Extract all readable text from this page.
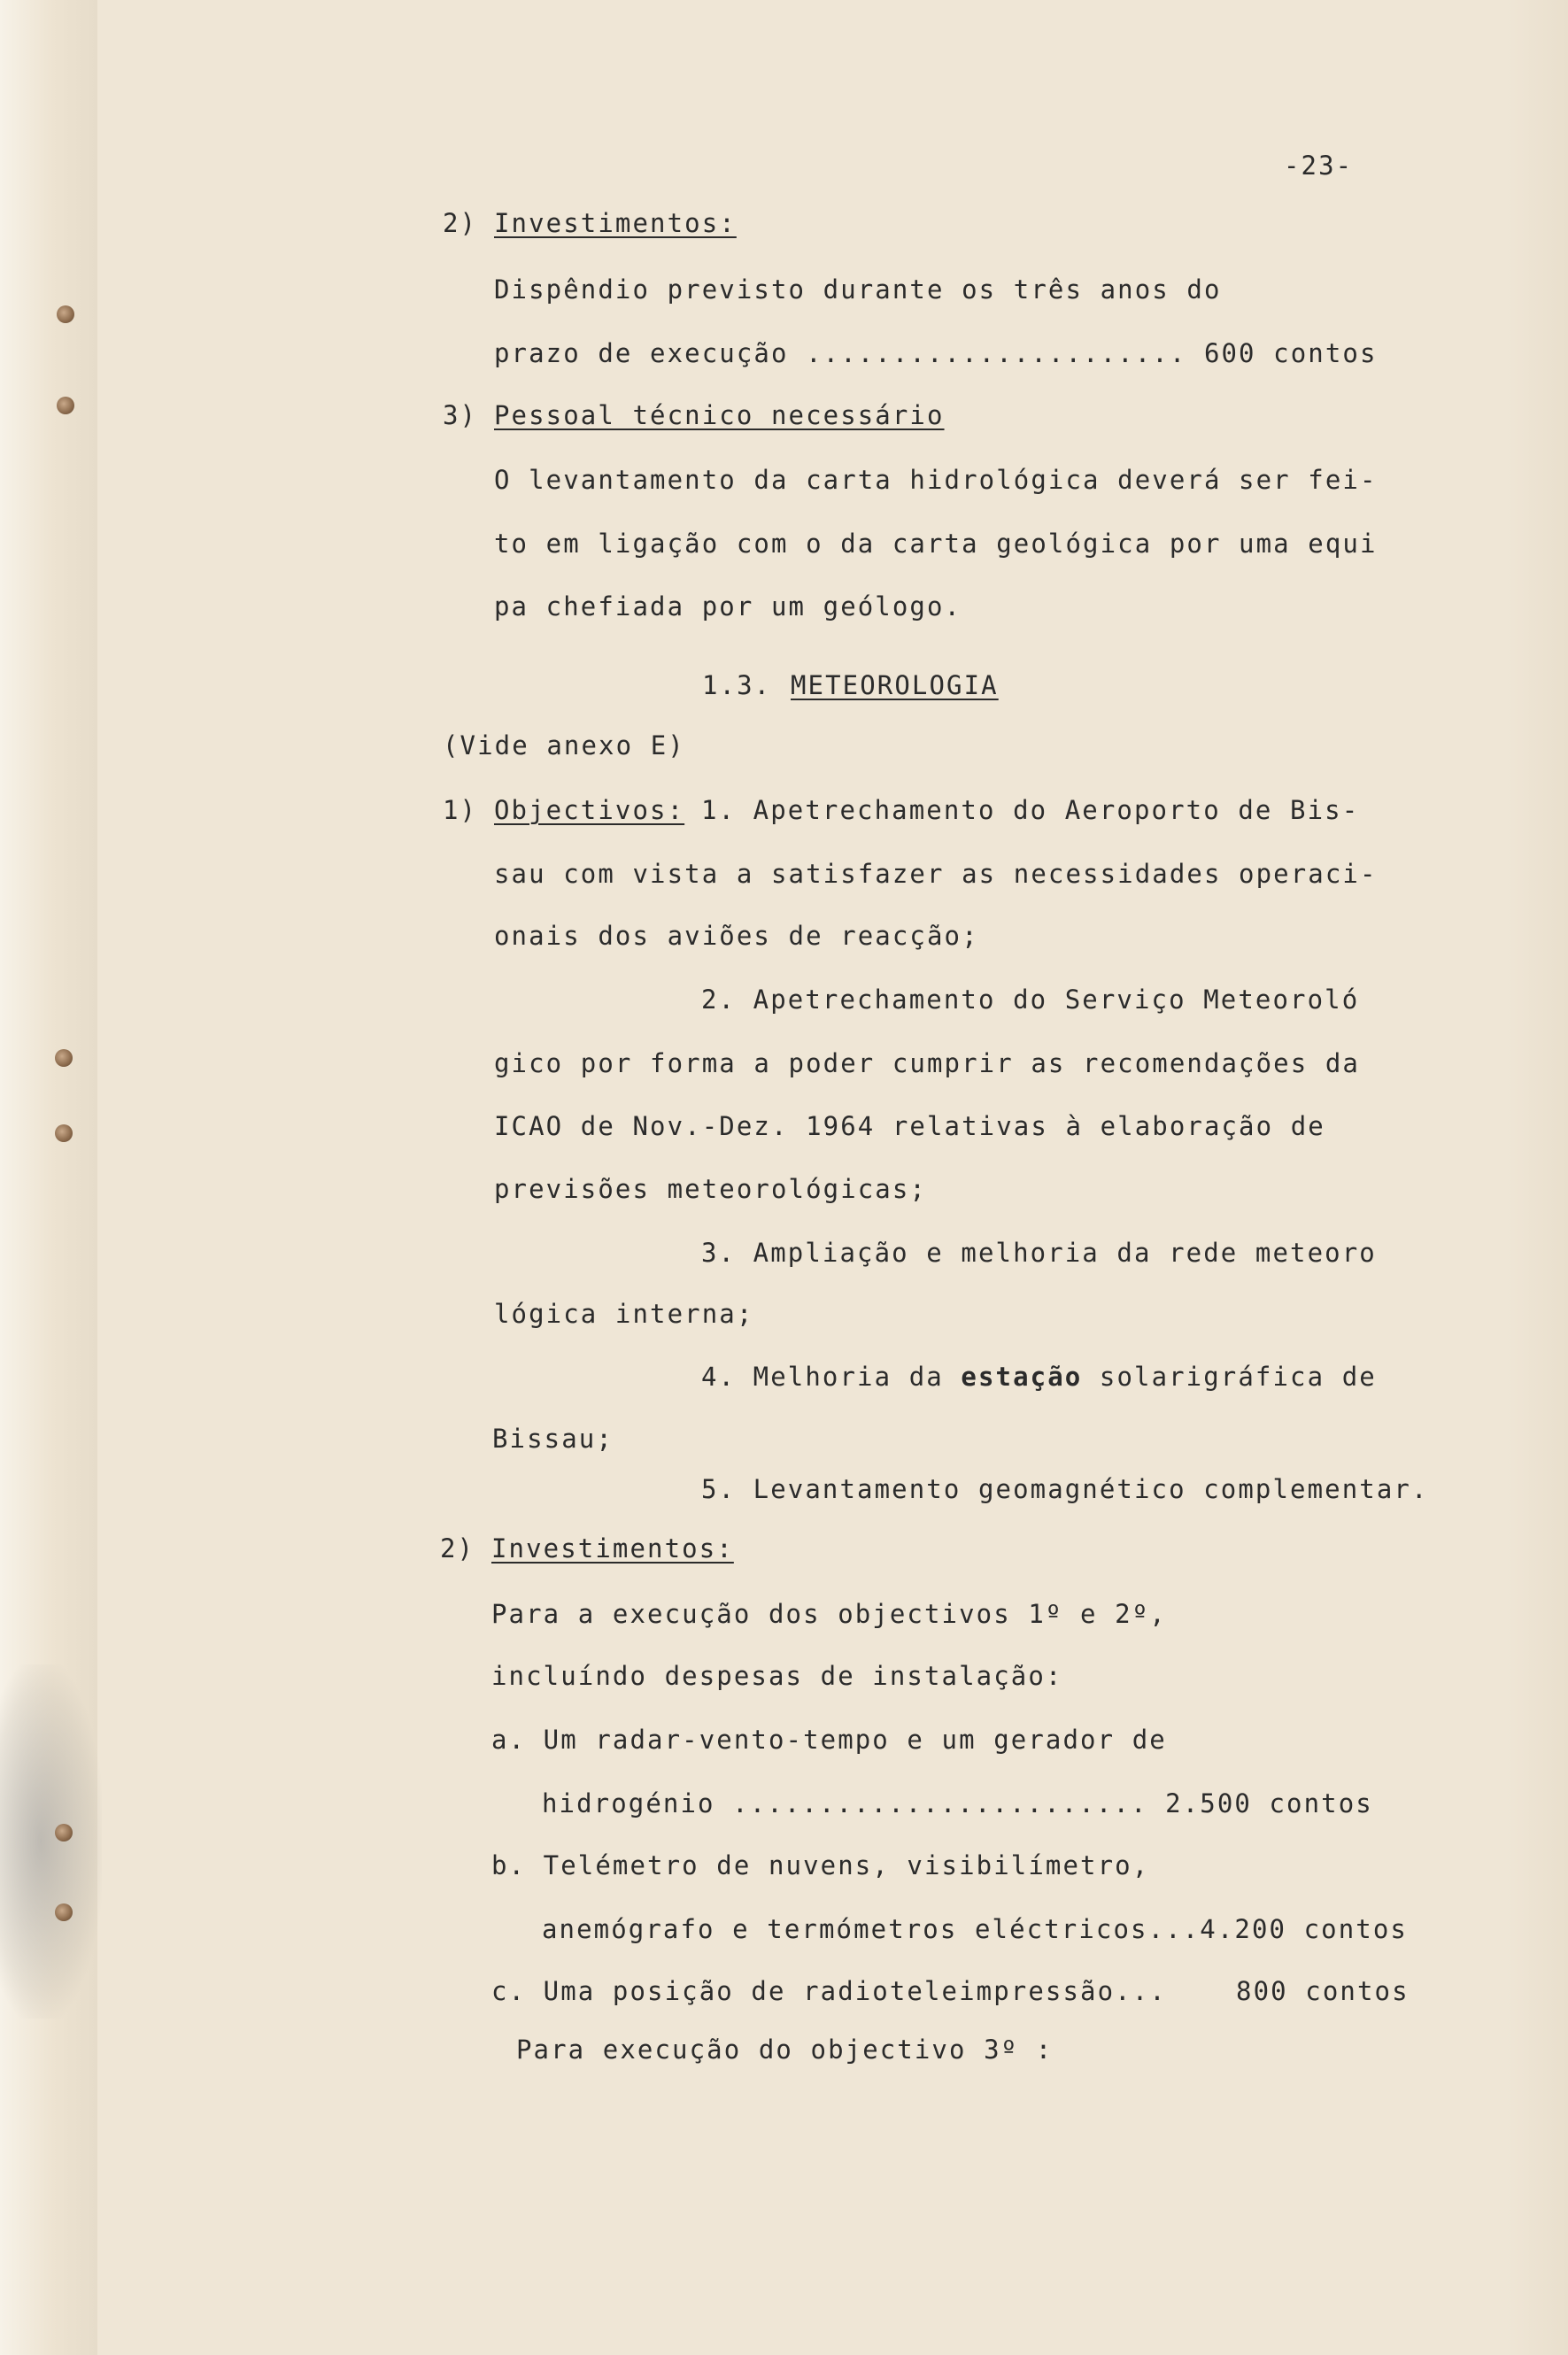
-23-
2) Investimentos:
Dispêndio previsto durante os três anos do
prazo de execução ...................... 600 contos
3) Pessoal técnico necessário
O levantamento da carta hidrológica deverá ser fei-
to em ligação com o da carta geológica por uma equi
pa chefiada por um geólogo.
1.3. METEOROLOGIA
(Vide anexo E)
1) Objectivos: 1. Apetrechamento do Aeroporto de Bis-
sau com vista a satisfazer as necessidades operaci-
onais dos aviões de reacção;
2. Apetrechamento do Serviço Meteoroló
gico por forma a poder cumprir as recomendações da
ICAO de Nov.-Dez. 1964 relativas à elaboração de
previsões meteorológicas;
3. Ampliação e melhoria da rede meteoro
lógica interna;
4. Melhoria da estação solarigráfica de
Bissau;
5. Levantamento geomagnético complementar.
2) Investimentos:
Para a execução dos objectivos 1º e 2º,
incluíndo despesas de instalação:
a. Um radar-vento-tempo e um gerador de
hidrogénio ........................ 2.500 contos
b. Telémetro de nuvens, visibilímetro,
anemógrafo e termómetros eléctricos...4.200 contos
c. Uma posição de radioteleimpressão...    800 contos
Para execução do objectivo 3º :
